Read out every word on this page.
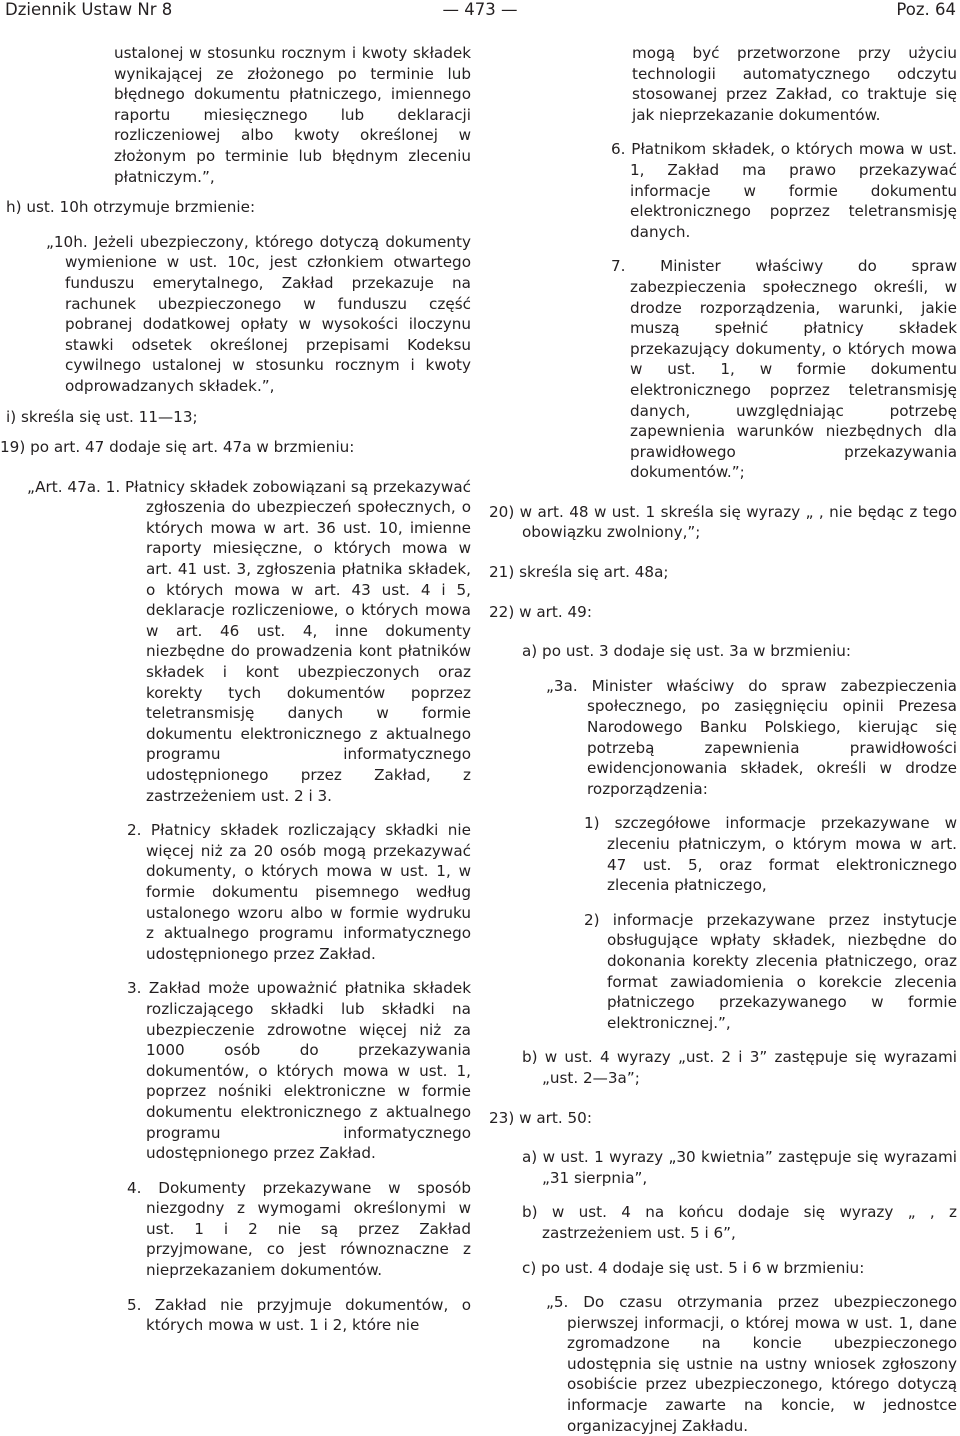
Dziennik Ustaw Nr 8	— 473 —	Poz. 64

ustalonej w stosunku rocznym i kwoty składek wynikającej ze złożonego po terminie lub błędnego dokumentu płatniczego, imiennego raportu miesięcznego lub deklaracji rozliczeniowej albo kwoty określonej w złożonym po terminie lub błędnym zleceniu płatniczym.”,

h) ust. 10h otrzymuje brzmienie:

„10h. Jeżeli ubezpieczony, którego dotyczą dokumenty wymienione w ust. 10c, jest członkiem otwartego funduszu emerytalnego, Zakład przekazuje na rachunek ubezpieczonego w funduszu część pobranej dodatkowej opłaty w wysokości iloczynu stawki odsetek określonej przepisami Kodeksu cywilnego ustalonej w stosunku rocznym i kwoty odprowadzanych składek.”,

i) skreśla się ust. 11—13;

19) po art. 47 dodaje się art. 47a w brzmieniu:

„Art. 47a. 1. Płatnicy składek zobowiązani są przekazywać zgłoszenia do ubezpieczeń społecznych, o których mowa w art. 36 ust. 10, imienne raporty miesięczne, o których mowa w art. 41 ust. 3, zgłoszenia płatnika składek, o których mowa w art. 43 ust. 4 i 5, deklaracje rozliczeniowe, o których mowa w art. 46 ust. 4, inne dokumenty niezbędne do prowadzenia kont płatników składek i kont ubezpieczonych oraz korekty tych dokumentów poprzez teletransmisję danych w formie dokumentu elektronicznego z aktualnego programu informatycznego udostępnionego przez Zakład, z zastrzeżeniem ust. 2 i 3.

2. Płatnicy składek rozliczający składki nie więcej niż za 20 osób mogą przekazywać dokumenty, o których mowa w ust. 1, w formie dokumentu pisemnego według ustalonego wzoru albo w formie wydruku z aktualnego programu informatycznego udostępnionego przez Zakład.

3. Zakład może upoważnić płatnika składek rozliczającego składki lub składki na ubezpieczenie zdrowotne więcej niż za 1000 osób do przekazywania dokumentów, o których mowa w ust. 1, poprzez nośniki elektroniczne w formie dokumentu elektronicznego z aktualnego programu informatycznego udostępnionego przez Zakład.

4. Dokumenty przekazywane w sposób niezgodny z wymogami określonymi w ust. 1 i 2 nie są przez Zakład przyjmowane, co jest równoznaczne z nieprzekazaniem dokumentów.

5. Zakład nie przyjmuje dokumentów, o których mowa w ust. 1 i 2, które nie

mogą być przetworzone przy użyciu technologii automatycznego odczytu stosowanej przez Zakład, co traktuje się jak nieprzekazanie dokumentów.

6. Płatnikom składek, o których mowa w ust. 1, Zakład ma prawo przekazywać informacje w formie dokumentu elektronicznego poprzez teletransmisję danych.

7. Minister właściwy do spraw zabezpieczenia społecznego określi, w drodze rozporządzenia, warunki, jakie muszą spełnić płatnicy składek przekazujący dokumenty, o których mowa w ust. 1, w formie dokumentu elektronicznego poprzez teletransmisję danych, uwzględniając potrzebę zapewnienia warunków niezbędnych dla prawidłowego przekazywania dokumentów.”;

20) w art. 48 w ust. 1 skreśla się wyrazy „ , nie będąc z tego obowiązku zwolniony,”;

21) skreśla się art. 48a;

22) w art. 49:

a) po ust. 3 dodaje się ust. 3a w brzmieniu:

„3a. Minister właściwy do spraw zabezpieczenia społecznego, po zasięgnięciu opinii Prezesa Narodowego Banku Polskiego, kierując się potrzebą zapewnienia prawidłowości ewidencjonowania składek, określi w drodze rozporządzenia:

1) szczegółowe informacje przekazywane w zleceniu płatniczym, o którym mowa w art. 47 ust. 5, oraz format elektronicznego zlecenia płatniczego,

2) informacje przekazywane przez instytucje obsługujące wpłaty składek, niezbędne do dokonania korekty zlecenia płatniczego, oraz format zawiadomienia o korekcie zlecenia płatniczego przekazywanego w formie elektronicznej.”,

b) w ust. 4 wyrazy „ust. 2 i 3” zastępuje się wyrazami „ust. 2—3a”;

23) w art. 50:

a) w ust. 1 wyrazy „30 kwietnia” zastępuje się wyrazami „31 sierpnia”,

b) w ust. 4 na końcu dodaje się wyrazy „ , z zastrzeżeniem ust. 5 i 6”,

c) po ust. 4 dodaje się ust. 5 i 6 w brzmieniu:

„5. Do czasu otrzymania przez ubezpieczonego pierwszej informacji, o której mowa w ust. 1, dane zgromadzone na koncie ubezpieczonego udostępnia się ustnie na ustny wniosek zgłoszony osobiście przez ubezpieczonego, którego dotyczą informacje zawarte na koncie, w jednostce organizacyjnej Zakładu.
